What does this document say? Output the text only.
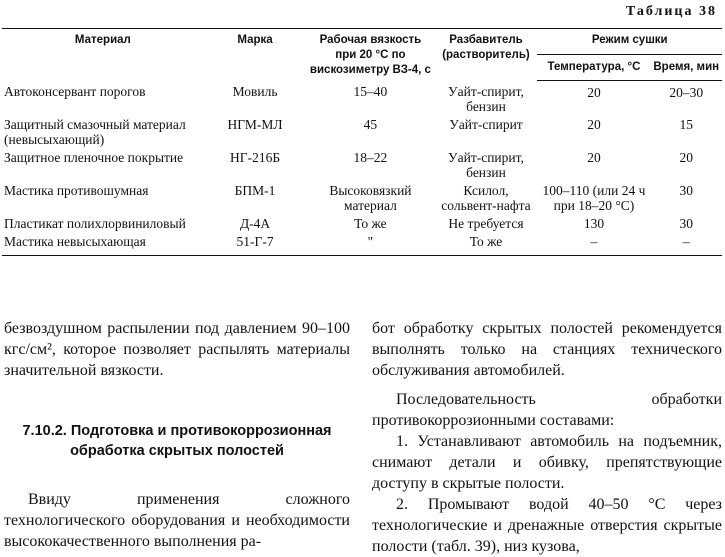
Таблица 38
Материал	Марка	Рабочая вязкость при 20 °С по вискозиметру ВЗ-4, с	Разбавитель (растворитель)	Режим сушки	
				Температура, °С	Время, мин
Автоконсервант порогов	Мовиль	15–40	Уайт-спирит, бензин	20	20–30
Защитный смазочный материал (невысыхающий)	НГМ-МЛ	45	Уайт-спирит	20	15
Защитное пленочное покрытие	НГ-216Б	18–22	Уайт-спирит, бензин	20	20
Мастика противошумная	БПМ-1	Высоковязкий материал	Ксилол, сольвент-нафта	100–110 (или 24 ч при 18–20 °С)	30
Пластикат полихлорвиниловый	Д-4А	То же	Не требуется	130	30
Мастика невысыхающая	51-Г-7	"	То же	–	–

безвоздушном распылении под давлением 90–100 кгс/см², которое позволяет распылять материалы значительной вязкости.

7.10.2. Подготовка и противокоррозионная обработка скрытых полостей

Ввиду применения сложного технологического оборудования и необходимости высококачественного выполнения ра-

бот обработку скрытых полостей рекомендуется выполнять только на станциях технического обслуживания автомобилей.

Последовательность обработки противокоррозионными составами:

1. Устанавливают автомобиль на подъемник, снимают детали и обивку, препятствующие доступу в скрытые полости.

2. Промывают водой 40–50 °С через технологические и дренажные отверстия скрытые полости (табл. 39), низ кузова,
